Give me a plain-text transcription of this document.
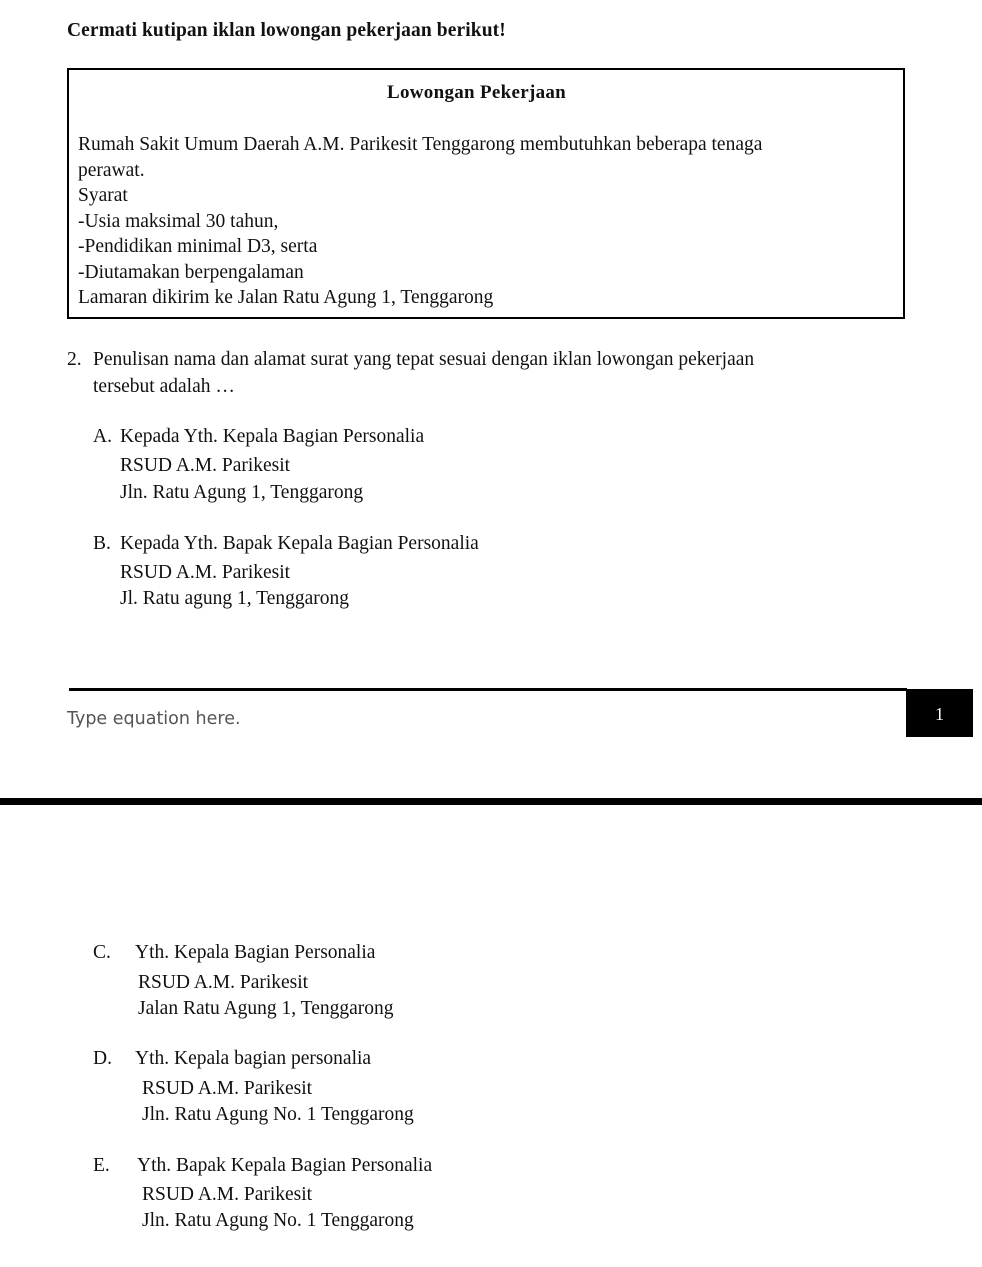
Cermati kutipan iklan lowongan pekerjaan berikut!
Lowongan Pekerjaan
Rumah Sakit Umum Daerah A.M. Parikesit Tenggarong membutuhkan beberapa tenaga
perawat.
Syarat
-Usia maksimal 30 tahun,
-Pendidikan minimal D3, serta
-Diutamakan berpengalaman
Lamaran dikirim ke Jalan Ratu Agung 1, Tenggarong
2. Penulisan nama dan alamat surat yang tepat sesuai dengan iklan lowongan pekerjaan
tersebut adalah …
A. Kepada Yth. Kepala Bagian Personalia
RSUD A.M. Parikesit
Jln. Ratu Agung 1, Tenggarong
B. Kepada Yth. Bapak Kepala Bagian Personalia
RSUD A.M. Parikesit
Jl. Ratu agung 1, Tenggarong
Type equation here.	1
C. Yth. Kepala Bagian Personalia
RSUD A.M. Parikesit
Jalan Ratu Agung 1, Tenggarong
D. Yth. Kepala bagian personalia
RSUD A.M. Parikesit
Jln. Ratu Agung No. 1 Tenggarong
E. Yth. Bapak Kepala Bagian Personalia
RSUD A.M. Parikesit
Jln. Ratu Agung No. 1 Tenggarong
